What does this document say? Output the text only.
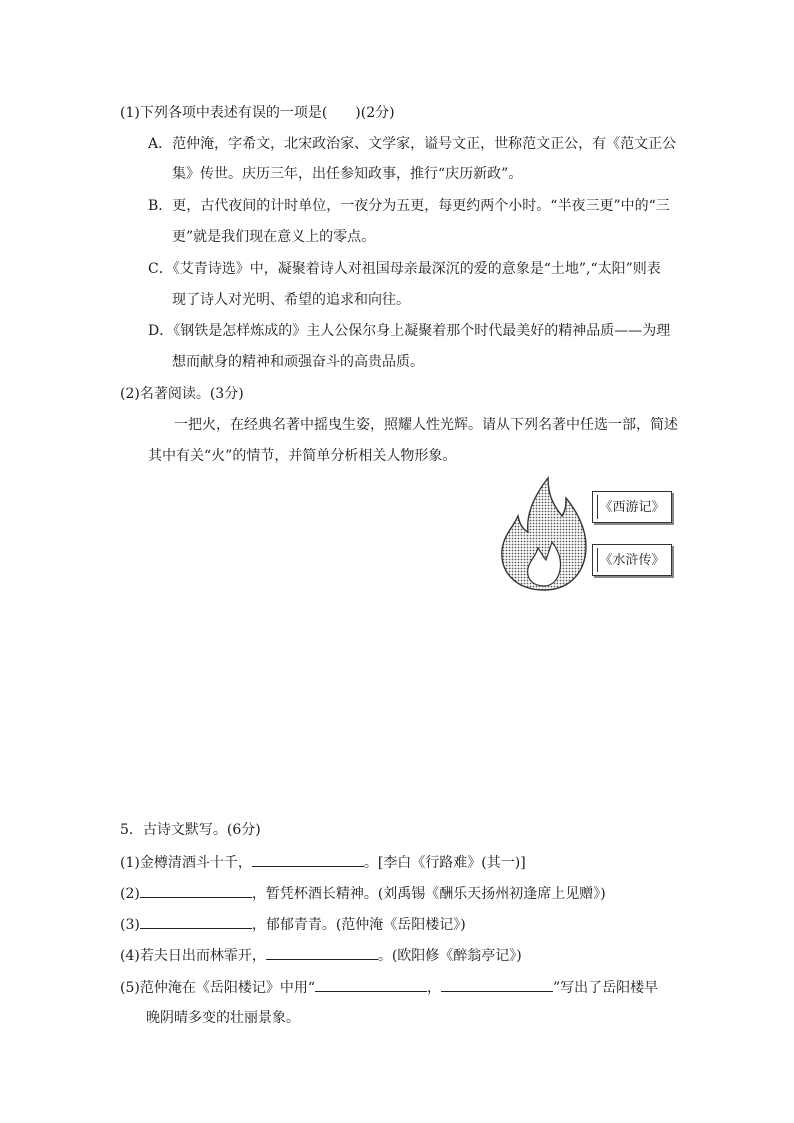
(1)下列各项中表述有误的一项是(　　)(2分)
A．范仲淹，字希文，北宋政治家、文学家，谥号文正，世称范文正公，有《范文正公
集》传世。庆历三年，出任参知政事，推行“庆历新政”。
B．更，古代夜间的计时单位，一夜分为五更，每更约两个小时。“半夜三更”中的“三
更”就是我们现在意义上的零点。
C．《艾青诗选》中，凝聚着诗人对祖国母亲最深沉的爱的意象是“土地”,“太阳”则表
现了诗人对光明、希望的追求和向往。
D．《钢铁是怎样炼成的》主人公保尔身上凝聚着那个时代最美好的精神品质——为理
想而献身的精神和顽强奋斗的高贵品质。
(2)名著阅读。(3分)
一把火，在经典名著中摇曳生姿，照耀人性光辉。请从下列名著中任选一部，简述
其中有关“火”的情节，并简单分析相关人物形象。
《西游记》
《水浒传》
5．古诗文默写。(6分)
(1)金樽清酒斗十千，	。[李白《行路难》(其一)]
(2)	，暂凭杯酒长精神。(刘禹锡《酬乐天扬州初逢席上见赠》)
(3)	，郁郁青青。(范仲淹《岳阳楼记》)
(4)若夫日出而林霏开，	。(欧阳修《醉翁亭记》)
(5)范仲淹在《岳阳楼记》中用“	，	”写出了岳阳楼早
晚阴晴多变的壮丽景象。
